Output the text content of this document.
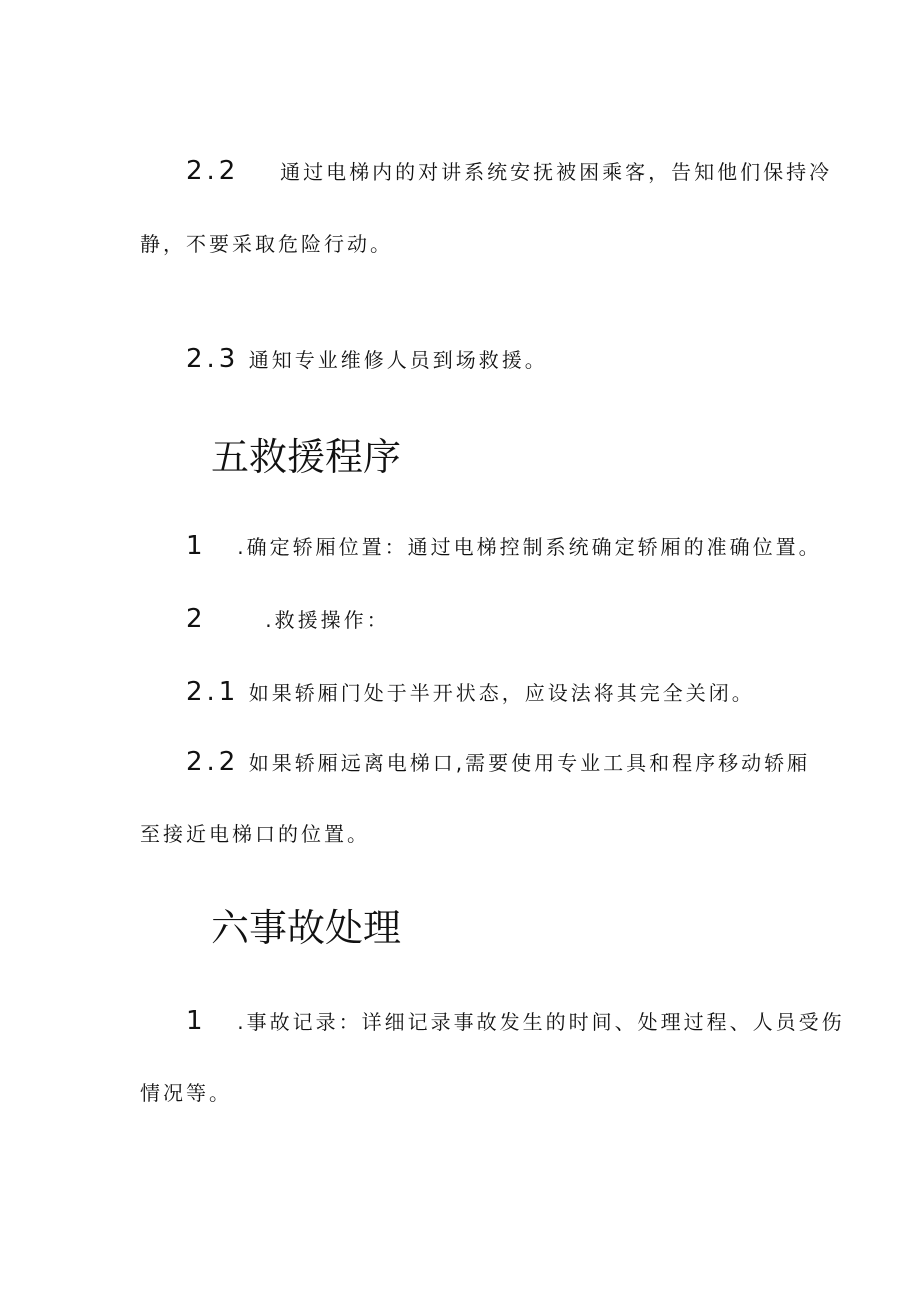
2.2 通过电梯内的对讲系统安抚被困乘客，告知他们保持冷
静，不要采取危险行动。
2.3 通知专业维修人员到场救援。
五救援程序
1 .确定轿厢位置：通过电梯控制系统确定轿厢的准确位置。
2	.救援操作：
2.1 如果轿厢门处于半开状态，应设法将其完全关闭。
2.2 如果轿厢远离电梯口,需要使用专业工具和程序移动轿厢
至接近电梯口的位置。
六事故处理
1 .事故记录：详细记录事故发生的时间、处理过程、人员受伤
情况等。
